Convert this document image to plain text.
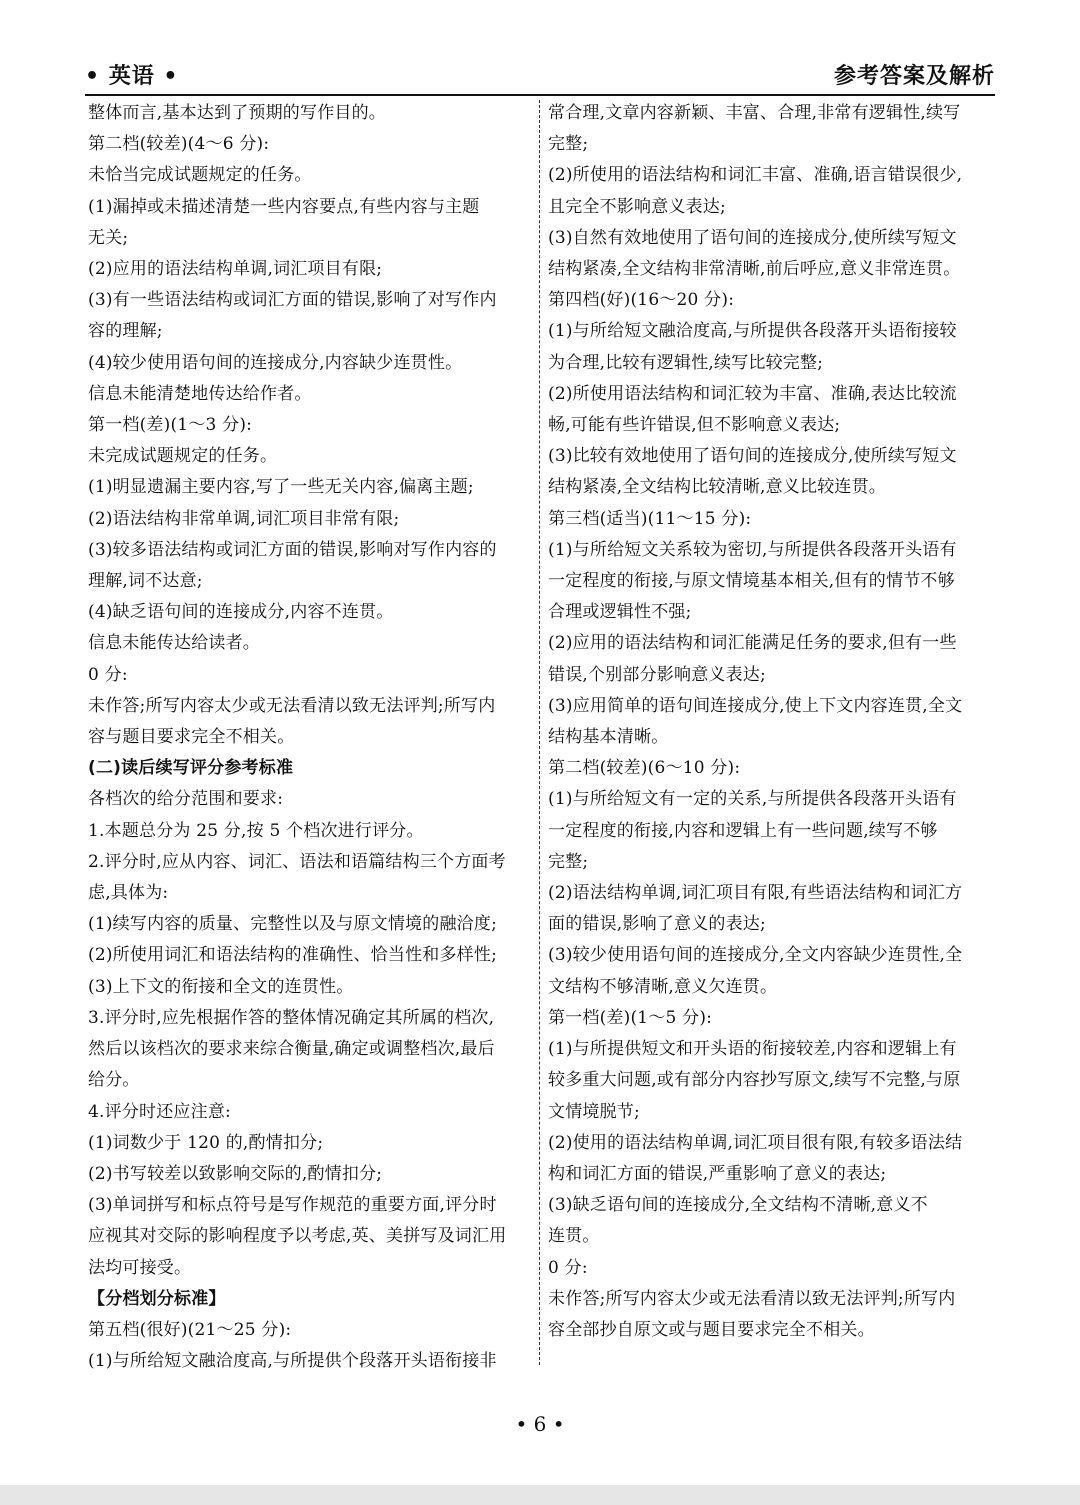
• 英语 •	参考答案及解析
整体而言,基本达到了预期的写作目的。
第二档(较差)(4～6 分):
未恰当完成试题规定的任务。
(1)漏掉或未描述清楚一些内容要点,有些内容与主题
无关;
(2)应用的语法结构单调,词汇项目有限;
(3)有一些语法结构或词汇方面的错误,影响了对写作内
容的理解;
(4)较少使用语句间的连接成分,内容缺少连贯性。
信息未能清楚地传达给作者。
第一档(差)(1～3 分):
未完成试题规定的任务。
(1)明显遗漏主要内容,写了一些无关内容,偏离主题;
(2)语法结构非常单调,词汇项目非常有限;
(3)较多语法结构或词汇方面的错误,影响对写作内容的
理解,词不达意;
(4)缺乏语句间的连接成分,内容不连贯。
信息未能传达给读者。
0 分:
未作答;所写内容太少或无法看清以致无法评判;所写内
容与题目要求完全不相关。
(二)读后续写评分参考标准
各档次的给分范围和要求:
1.本题总分为 25 分,按 5 个档次进行评分。
2.评分时,应从内容、词汇、语法和语篇结构三个方面考
虑,具体为:
(1)续写内容的质量、完整性以及与原文情境的融洽度;
(2)所使用词汇和语法结构的准确性、恰当性和多样性;
(3)上下文的衔接和全文的连贯性。
3.评分时,应先根据作答的整体情况确定其所属的档次,
然后以该档次的要求来综合衡量,确定或调整档次,最后
给分。
4.评分时还应注意:
(1)词数少于 120 的,酌情扣分;
(2)书写较差以致影响交际的,酌情扣分;
(3)单词拼写和标点符号是写作规范的重要方面,评分时
应视其对交际的影响程度予以考虑,英、美拼写及词汇用
法均可接受。
【分档划分标准】
第五档(很好)(21～25 分):
(1)与所给短文融洽度高,与所提供个段落开头语衔接非
常合理,文章内容新颖、丰富、合理,非常有逻辑性,续写
完整;
(2)所使用的语法结构和词汇丰富、准确,语言错误很少,
且完全不影响意义表达;
(3)自然有效地使用了语句间的连接成分,使所续写短文
结构紧凑,全文结构非常清晰,前后呼应,意义非常连贯。
第四档(好)(16～20 分):
(1)与所给短文融洽度高,与所提供各段落开头语衔接较
为合理,比较有逻辑性,续写比较完整;
(2)所使用语法结构和词汇较为丰富、准确,表达比较流
畅,可能有些许错误,但不影响意义表达;
(3)比较有效地使用了语句间的连接成分,使所续写短文
结构紧凑,全文结构比较清晰,意义比较连贯。
第三档(适当)(11～15 分):
(1)与所给短文关系较为密切,与所提供各段落开头语有
一定程度的衔接,与原文情境基本相关,但有的情节不够
合理或逻辑性不强;
(2)应用的语法结构和词汇能满足任务的要求,但有一些
错误,个别部分影响意义表达;
(3)应用简单的语句间连接成分,使上下文内容连贯,全文
结构基本清晰。
第二档(较差)(6～10 分):
(1)与所给短文有一定的关系,与所提供各段落开头语有
一定程度的衔接,内容和逻辑上有一些问题,续写不够
完整;
(2)语法结构单调,词汇项目有限,有些语法结构和词汇方
面的错误,影响了意义的表达;
(3)较少使用语句间的连接成分,全文内容缺少连贯性,全
文结构不够清晰,意义欠连贯。
第一档(差)(1～5 分):
(1)与所提供短文和开头语的衔接较差,内容和逻辑上有
较多重大问题,或有部分内容抄写原文,续写不完整,与原
文情境脱节;
(2)使用的语法结构单调,词汇项目很有限,有较多语法结
构和词汇方面的错误,严重影响了意义的表达;
(3)缺乏语句间的连接成分,全文结构不清晰,意义不
连贯。
0 分:
未作答;所写内容太少或无法看清以致无法评判;所写内
容全部抄自原文或与题目要求完全不相关。
• 6 •
